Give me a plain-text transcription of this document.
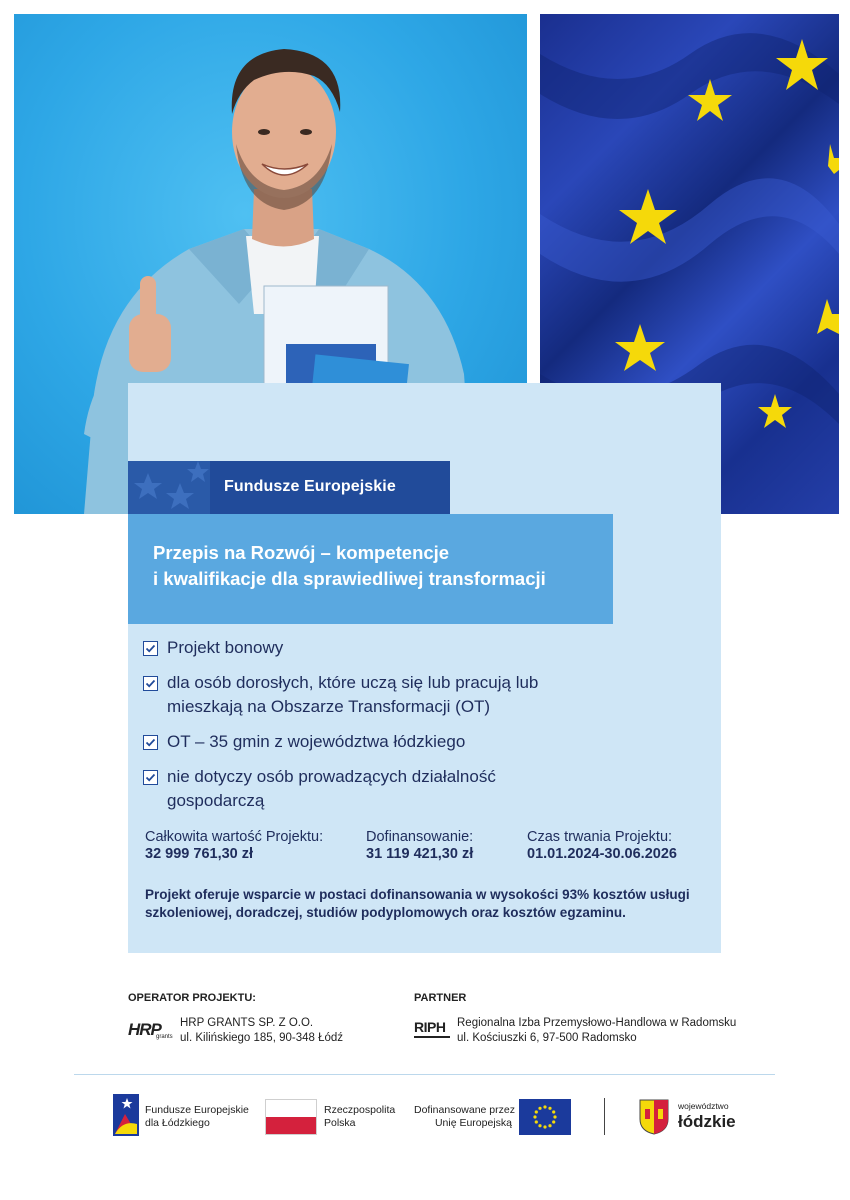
Fundusze Europejskie
Przepis na Rozwój – kompetencje
i kwalifikacje dla sprawiedliwej transformacji
Projekt bonowy
dla osób dorosłych, które uczą się lub pracują lub
mieszkają na Obszarze Transformacji (OT)
OT – 35 gmin z województwa łódzkiego
nie dotyczy osób prowadzących działalność
gospodarczą
Całkowita wartość Projektu:
32 999 761,30 zł
Dofinansowanie:
31 119 421,30 zł
Czas trwania Projektu:
01.01.2024-30.06.2026
Projekt oferuje wsparcie w postaci dofinansowania w wysokości 93% kosztów usługi szkoleniowej, doradczej, studiów podyplomowych oraz kosztów egzaminu.
OPERATOR PROJEKTU:
HRP
grants
HRP GRANTS SP. Z O.O.
ul. Kilińskiego 185, 90-348 Łódź
PARTNER
RIPH Regionalna Izba Przemysłowo-Handlowa w Radomsku
ul. Kościuszki 6, 97-500 Radomsko
Fundusze Europejskie
dla Łódzkiego
Rzeczpospolita
Polska
Dofinansowane przez
Unię Europejską
województwo
łódzkie
